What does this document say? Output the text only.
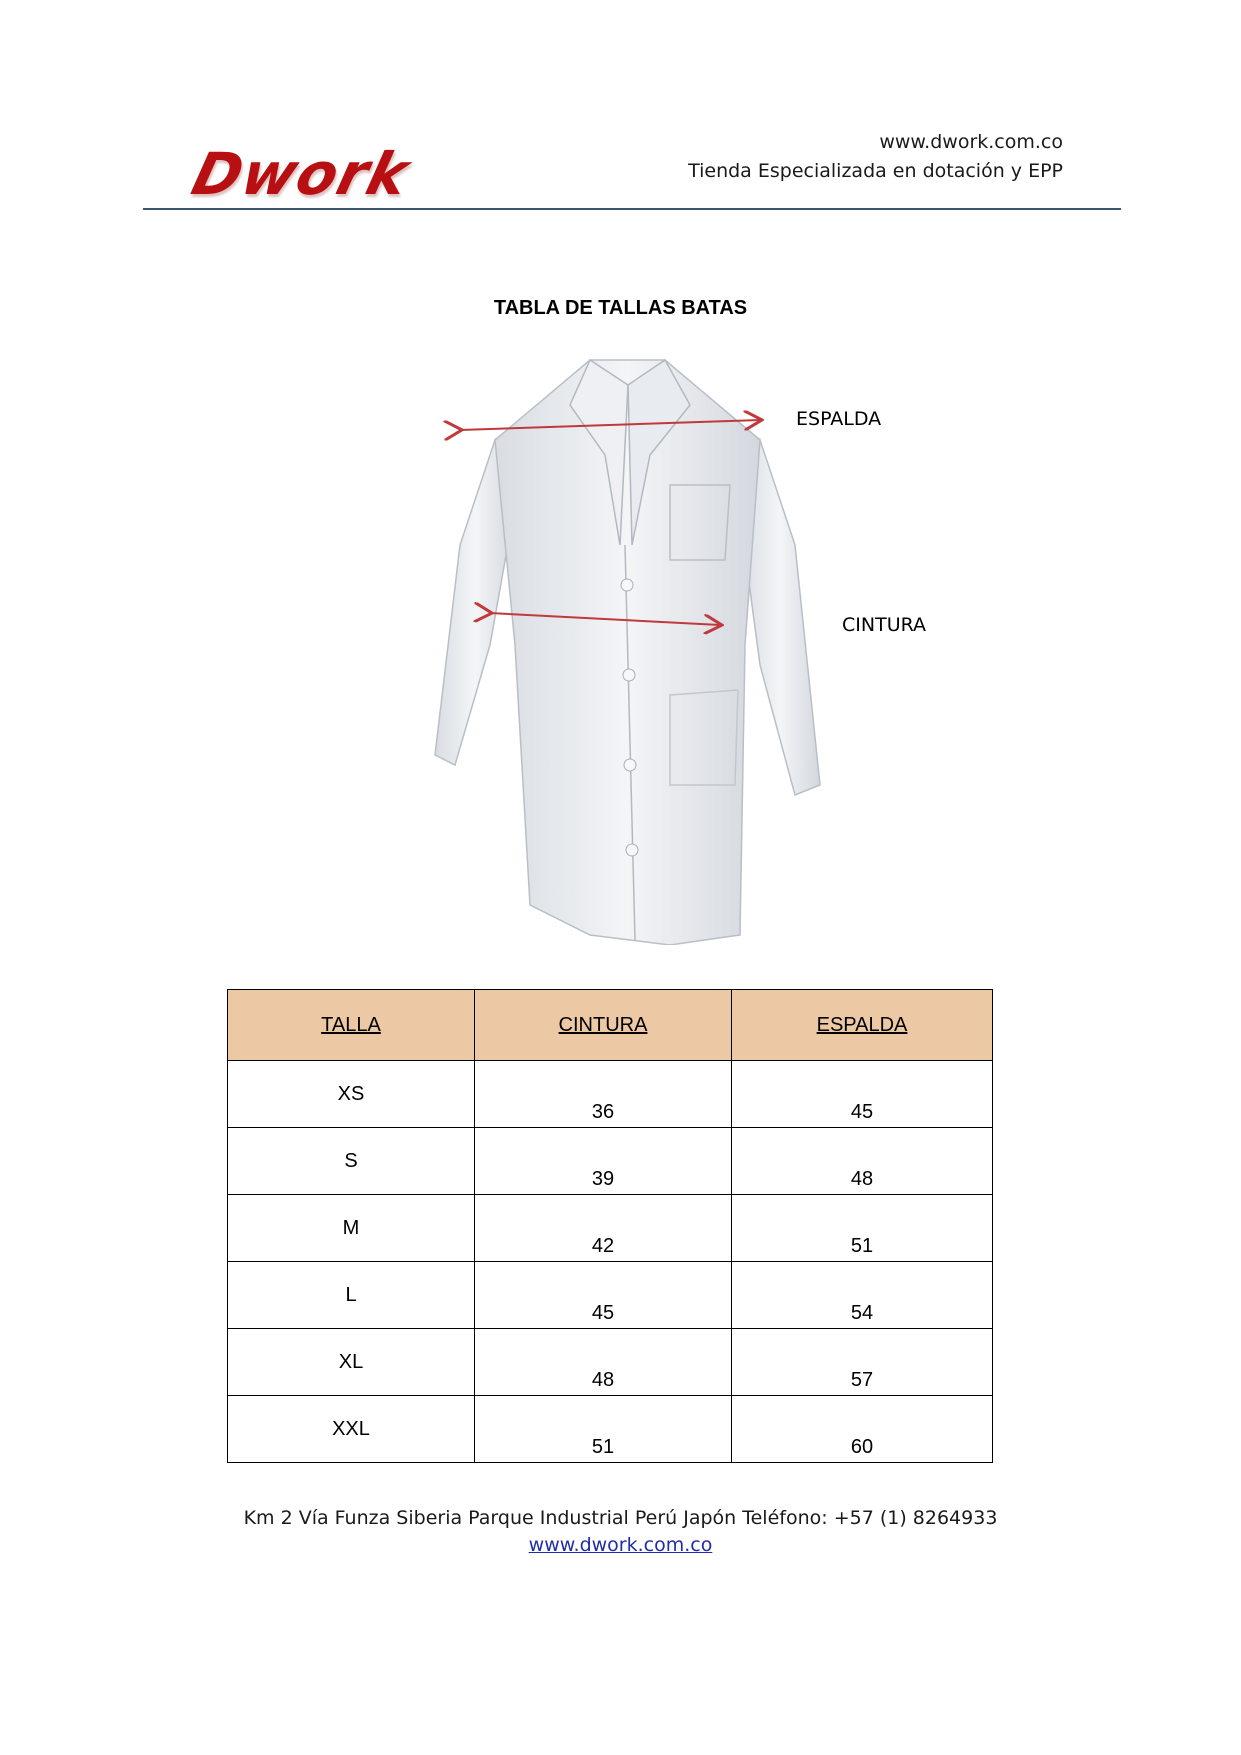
Dwork	www.dwork.com.co
Tienda Especializada en dotación y EPP
TABLA DE TALLAS BATAS
ESPALDA
CINTURA
TALLA	CINTURA	ESPALDA

XS	36	45

S	39	48

M	42	51

L	45	54

XL	48	57

XXL	51	60
Km 2 Vía Funza Siberia Parque Industrial Perú Japón Teléfono: +57 (1) 8264933
www.dwork.com.co
